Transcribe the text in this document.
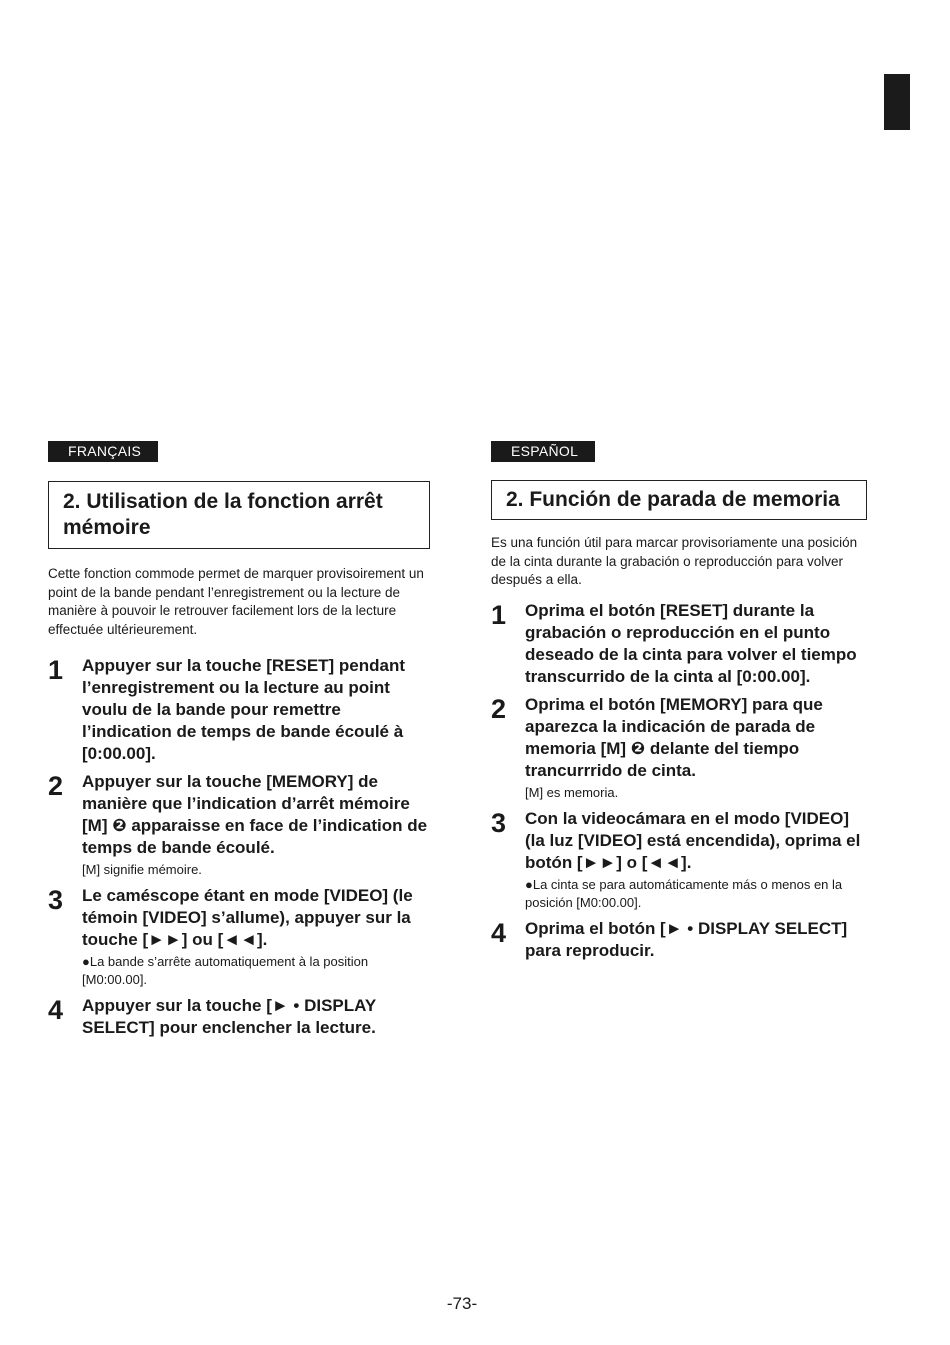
FRANÇAIS
2. Utilisation de la fonction arrêt mémoire

Cette fonction commode permet de marquer provisoirement un point de la bande pendant l’enregistrement ou la lecture de manière à pouvoir le retrouver facilement lors de la lecture effectuée ultérieurement.

1	Appuyer sur la touche [RESET] pendant l’enregistrement ou la lecture au point voulu de la bande pour remettre l’indication de temps de bande écoulé à [0:00.00].
2	Appuyer sur la touche [MEMORY] de manière que l’indication d’arrêt mémoire [M] ❷ apparaisse en face de l’indication de temps de bande écoulé.
[M] signifie mémoire.
3	Le caméscope étant en mode [VIDEO] (le témoin [VIDEO] s’allume), appuyer sur la touche [►►] ou [◄◄].
●La bande s’arrête automatiquement à la position [M0:00.00].
4	Appuyer sur la touche [► • DISPLAY SELECT] pour enclencher la lecture.
ESPAÑOL
2. Función de parada de memoria

Es una función útil para marcar provisoriamente una posición de la cinta durante la grabación o reproducción para volver después a ella.

1	Oprima el botón [RESET] durante la grabación o reproducción en el punto deseado de la cinta para volver el tiempo transcurrido de la cinta al [0:00.00].
2	Oprima el botón [MEMORY] para que aparezca la indicación de parada de memoria [M] ❷ delante del tiempo trancurrrido de cinta.
[M] es memoria.
3	Con la videocámara en el modo [VIDEO] (la luz [VIDEO] está encendida), oprima el botón [►►] o [◄◄].
●La cinta se para automáticamente más o menos en la posición [M0:00.00].
4	Oprima el botón [► • DISPLAY SELECT] para reproducir.
-73-
